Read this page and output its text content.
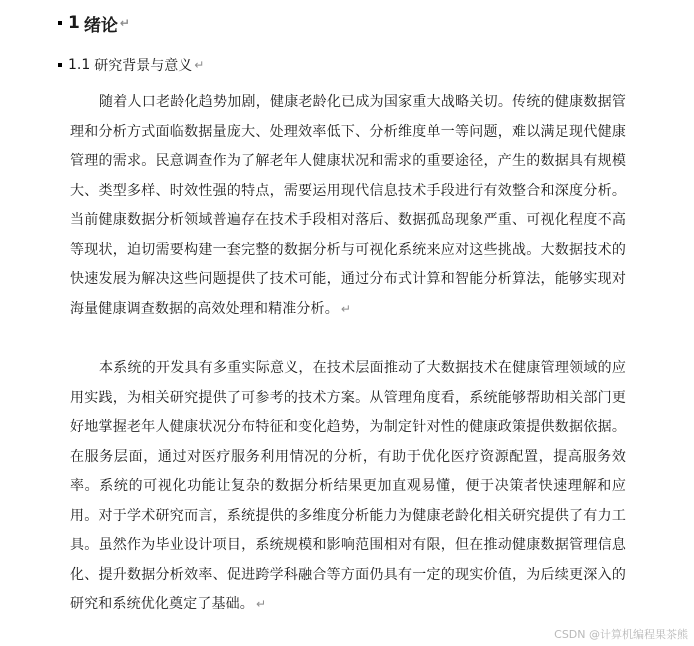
1 绪论 ↵
1.1 研究背景与意义 ↵

随着人口老龄化趋势加剧，健康老龄化已成为国家重大战略关切。传统的健康数据管理和分析方式面临数据量庞大、处理效率低下、分析维度单一等问题，难以满足现代健康管理的需求。民意调查作为了解老年人健康状况和需求的重要途径，产生的数据具有规模大、类型多样、时效性强的特点，需要运用现代信息技术手段进行有效整合和深度分析。当前健康数据分析领域普遍存在技术手段相对落后、数据孤岛现象严重、可视化程度不高等现状，迫切需要构建一套完整的数据分析与可视化系统来应对这些挑战。大数据技术的快速发展为解决这些问题提供了技术可能，通过分布式计算和智能分析算法，能够实现对海量健康调查数据的高效处理和精准分析。 ↵

本系统的开发具有多重实际意义，在技术层面推动了大数据技术在健康管理领域的应用实践，为相关研究提供了可参考的技术方案。从管理角度看，系统能够帮助相关部门更好地掌握老年人健康状况分布特征和变化趋势，为制定针对性的健康政策提供数据依据。在服务层面，通过对医疗服务利用情况的分析，有助于优化医疗资源配置，提高服务效率。系统的可视化功能让复杂的数据分析结果更加直观易懂，便于决策者快速理解和应用。对于学术研究而言，系统提供的多维度分析能力为健康老龄化相关研究提供了有力工具。虽然作为毕业设计项目，系统规模和影响范围相对有限，但在推动健康数据管理信息化、提升数据分析效率、促进跨学科融合等方面仍具有一定的现实价值，为后续更深入的研究和系统优化奠定了基础。 ↵

CSDN @计算机编程果茶熊
